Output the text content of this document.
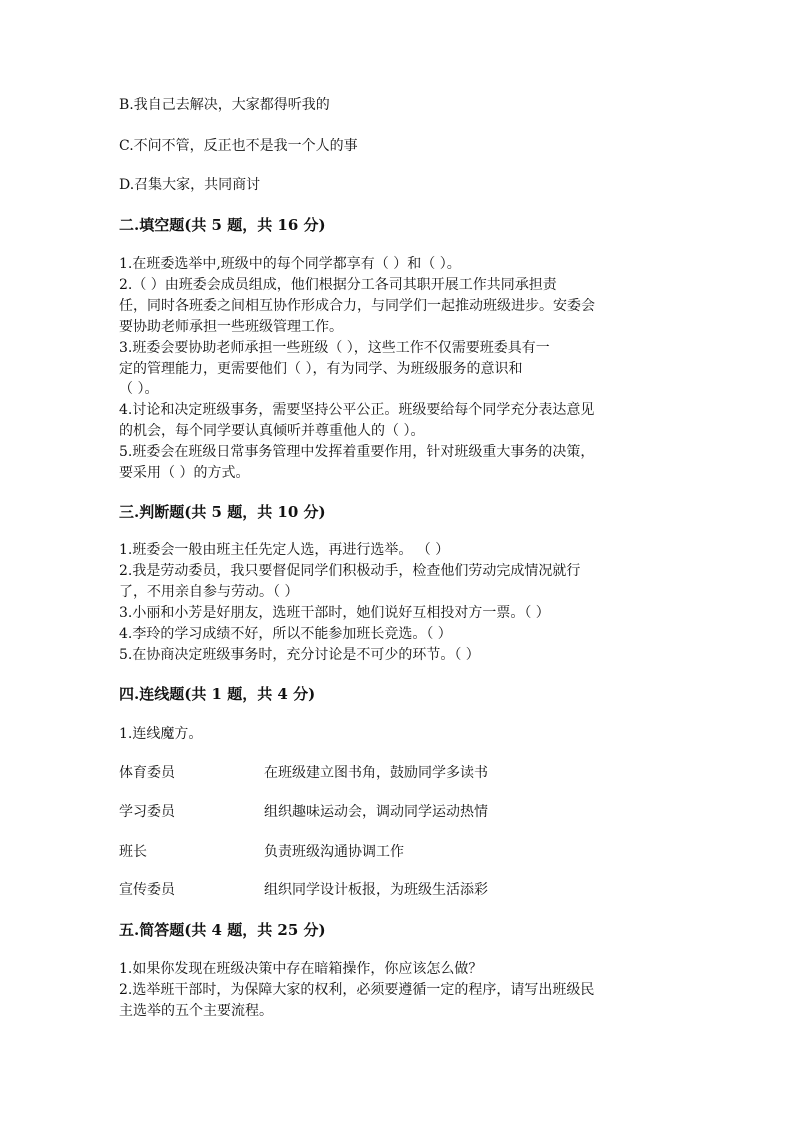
B.我自己去解决，大家都得听我的
C.不问不管，反正也不是我一个人的事
D.召集大家，共同商讨
二.填空题(共 5 题，共 16 分)
1.在班委选举中,班级中的每个同学都享有（ ）和（ ）。
2.（ ）由班委会成员组成，他们根据分工各司其职开展工作共同承担责
任，同时各班委之间相互协作形成合力，与同学们一起推动班级进步。安委会
要协助老师承担一些班级管理工作。
3.班委会要协助老师承担一些班级（ ），这些工作不仅需要班委具有一
定的管理能力，更需要他们（ ），有为同学、为班级服务的意识和
（ ）。
4.讨论和决定班级事务，需要坚持公平公正。班级要给每个同学充分表达意见
的机会，每个同学要认真倾听并尊重他人的（ ）。
5.班委会在班级日常事务管理中发挥着重要作用，针对班级重大事务的决策，
要采用（ ）的方式。
三.判断题(共 5 题，共 10 分)
1.班委会一般由班主任先定人选，再进行选举。 （ ）
2.我是劳动委员，我只要督促同学们积极动手，检查他们劳动完成情况就行
了，不用亲自参与劳动。（ ）
3.小丽和小芳是好朋友，选班干部时，她们说好互相投对方一票。（ ）
4.李玲的学习成绩不好，所以不能参加班长竞选。（ ）
5.在协商决定班级事务时，充分讨论是不可少的环节。（ ）
四.连线题(共 1 题，共 4 分)
1.连线魔方。
体育委员	在班级建立图书角，鼓励同学多读书
学习委员	组织趣味运动会，调动同学运动热情
班长	负责班级沟通协调工作
宣传委员	组织同学设计板报，为班级生活添彩
五.简答题(共 4 题，共 25 分)
1.如果你发现在班级决策中存在暗箱操作，你应该怎么做？
2.选举班干部时，为保障大家的权利，必须要遵循一定的程序，请写出班级民
主选举的五个主要流程。
